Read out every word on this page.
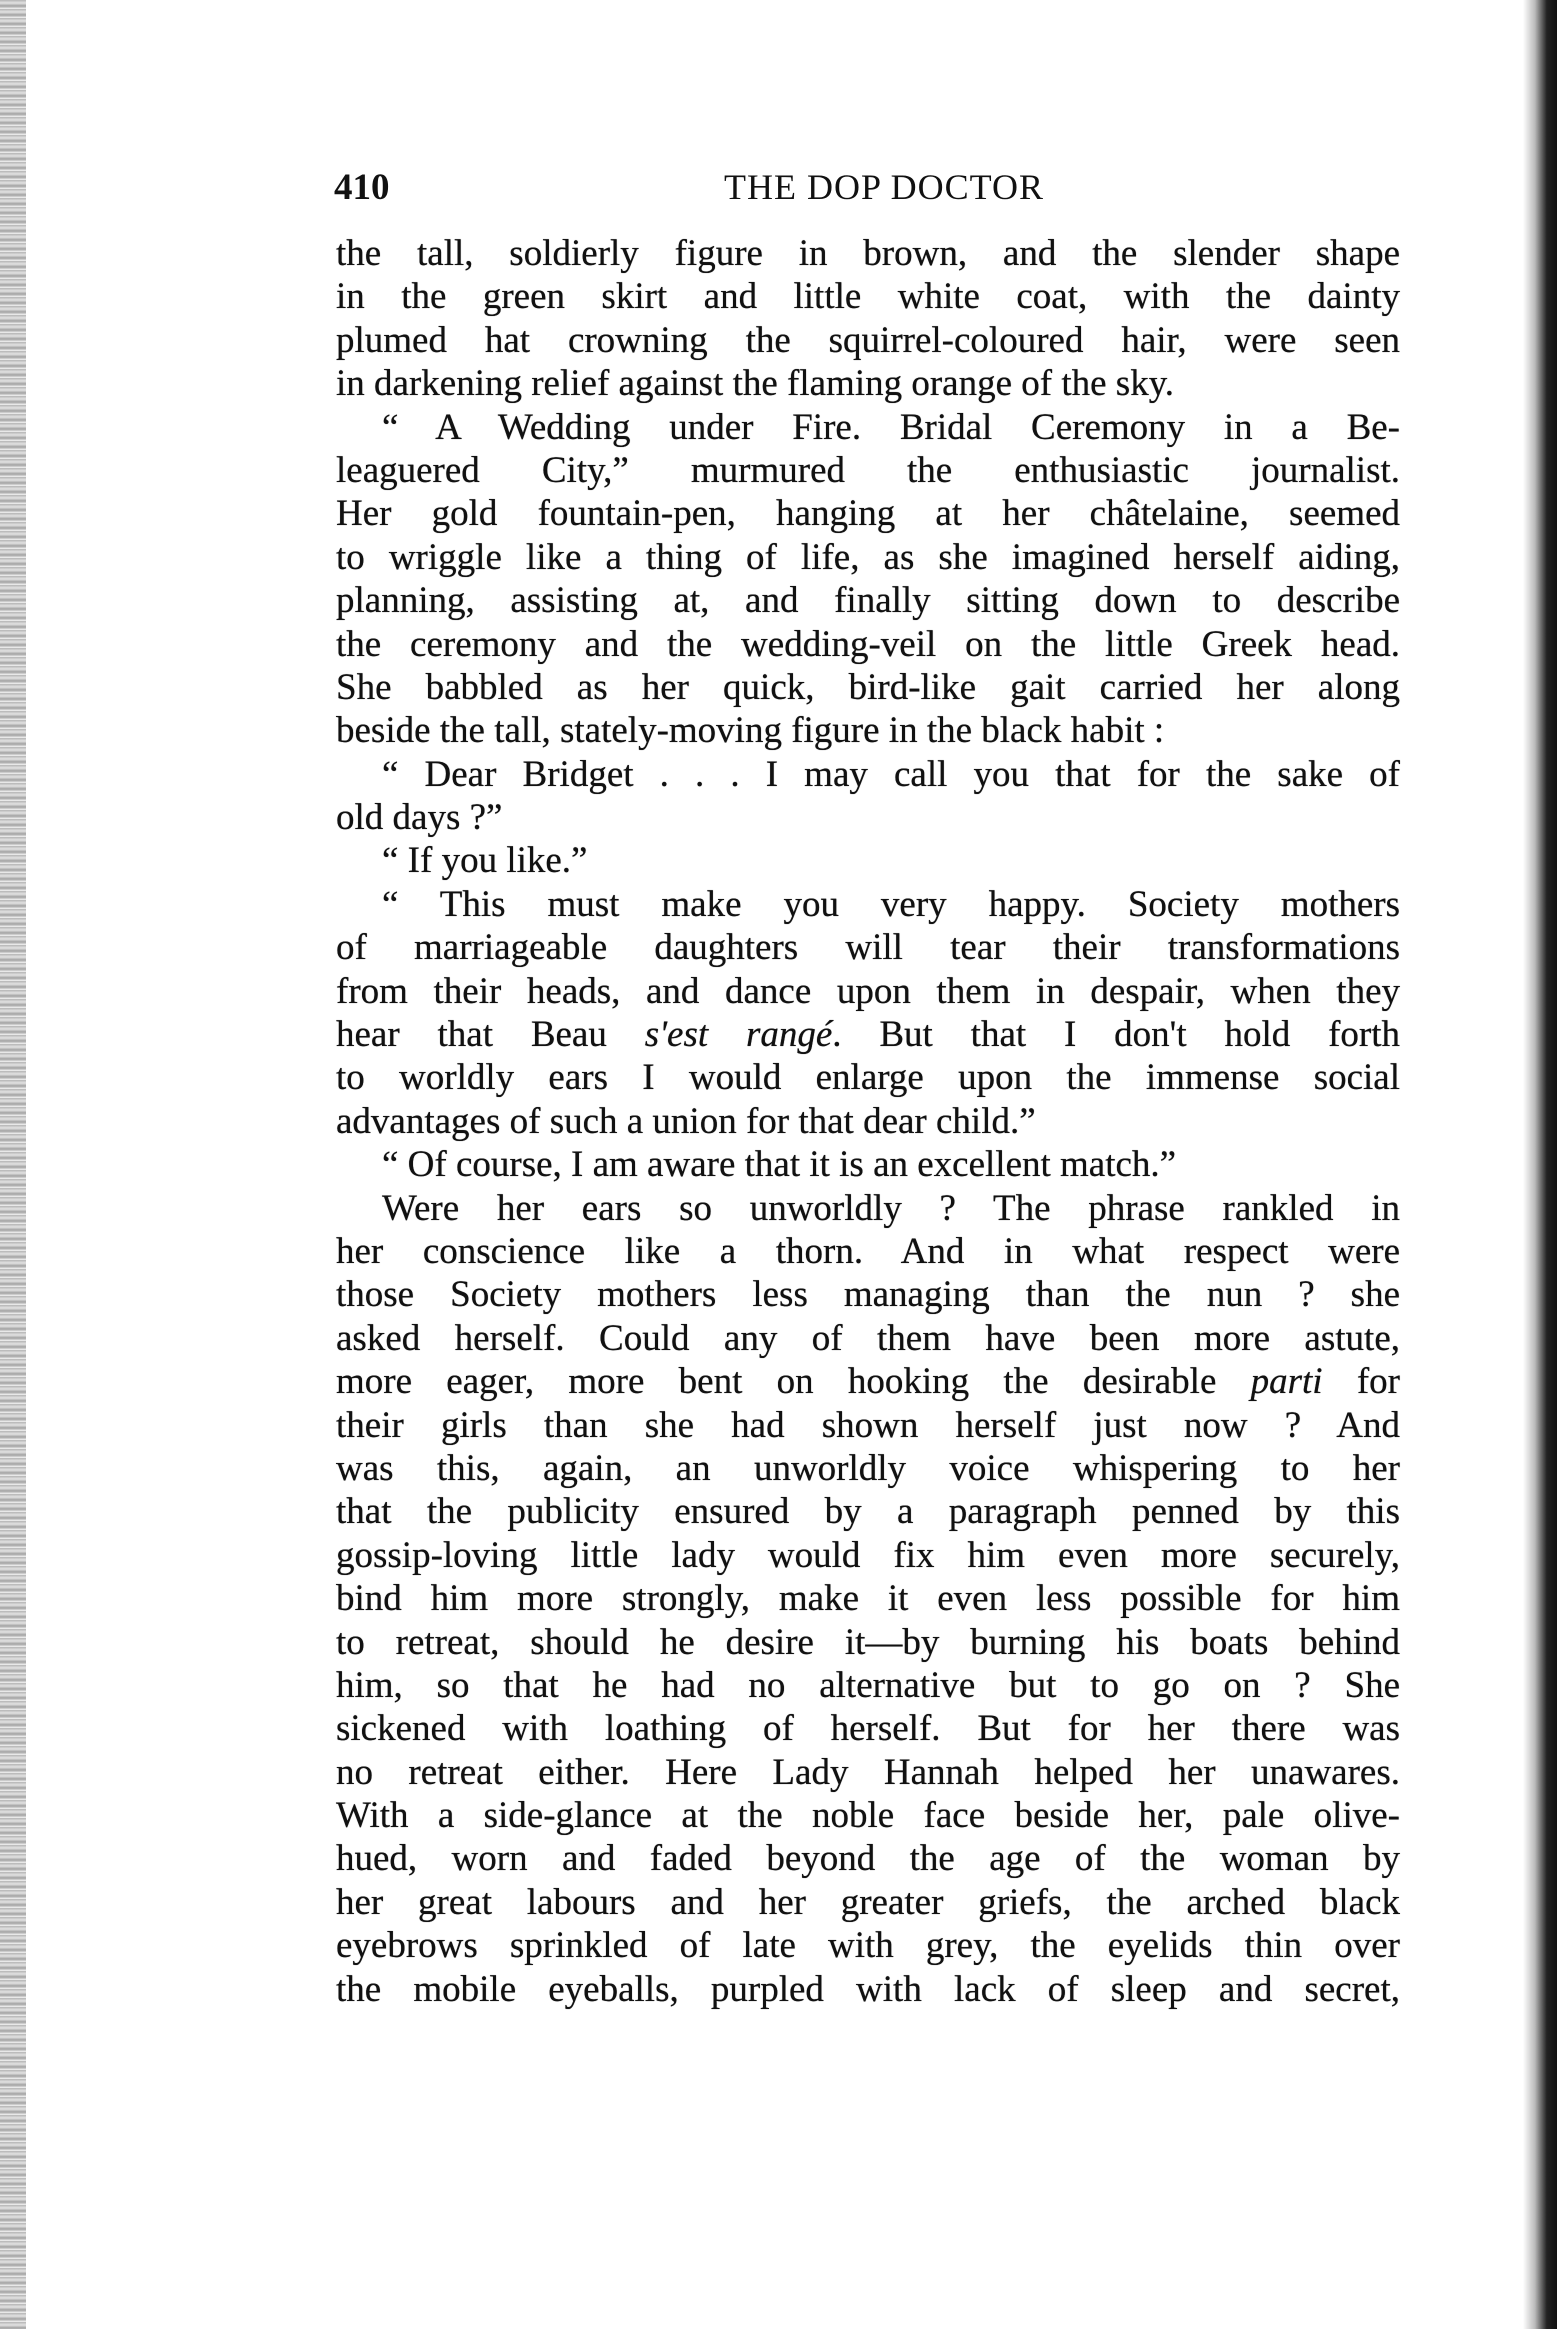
410	THE DOP DOCTOR
the tall, soldierly figure in brown, and the slender shape
in the green skirt and little white coat, with the dainty
plumed hat crowning the squirrel-coloured hair, were seen
in darkening relief against the flaming orange of the sky.
“ A Wedding under Fire. Bridal Ceremony in a Be-
leaguered City,” murmured the enthusiastic journalist.
Her gold fountain-pen, hanging at her châtelaine, seemed
to wriggle like a thing of life, as she imagined herself aiding,
planning, assisting at, and finally sitting down to describe
the ceremony and the wedding-veil on the little Greek head.
She babbled as her quick, bird-like gait carried her along
beside the tall, stately-moving figure in the black habit :
“ Dear Bridget . . . I may call you that for the sake of
old days ?”
“ If you like.”
“ This must make you very happy. Society mothers
of marriageable daughters will tear their transformations
from their heads, and dance upon them in despair, when they
hear that Beau s'est rangé. But that I don't hold forth
to worldly ears I would enlarge upon the immense social
advantages of such a union for that dear child.”
“ Of course, I am aware that it is an excellent match.”
Were her ears so unworldly ? The phrase rankled in
her conscience like a thorn. And in what respect were
those Society mothers less managing than the nun ? she
asked herself. Could any of them have been more astute,
more eager, more bent on hooking the desirable parti for
their girls than she had shown herself just now ? And
was this, again, an unworldly voice whispering to her
that the publicity ensured by a paragraph penned by this
gossip-loving little lady would fix him even more securely,
bind him more strongly, make it even less possible for him
to retreat, should he desire it—by burning his boats behind
him, so that he had no alternative but to go on ? She
sickened with loathing of herself. But for her there was
no retreat either. Here Lady Hannah helped her unawares.
With a side-glance at the noble face beside her, pale olive-
hued, worn and faded beyond the age of the woman by
her great labours and her greater griefs, the arched black
eyebrows sprinkled of late with grey, the eyelids thin over
the mobile eyeballs, purpled with lack of sleep and secret,
